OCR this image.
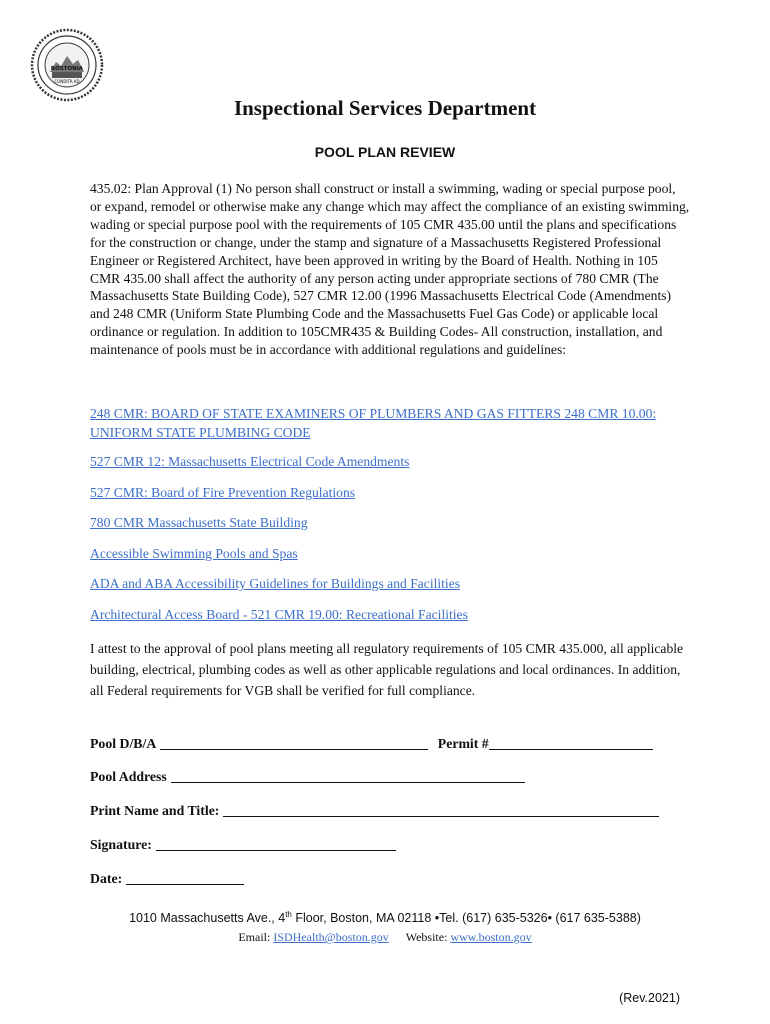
BOSTONIA
CONDITA AD
Inspectional Services Department
POOL PLAN REVIEW

435.02: Plan Approval (1) No person shall construct or install a swimming, wading or special purpose pool, or expand, remodel or otherwise make any change which may affect the compliance of an existing swimming, wading or special purpose pool with the requirements of 105 CMR 435.00 until the plans and specifications for the construction or change, under the stamp and signature of a Massachusetts Registered Professional Engineer or Registered Architect, have been approved in writing by the Board of Health. Nothing in 105 CMR 435.00 shall affect the authority of any person acting under appropriate sections of 780 CMR (The Massachusetts State Building Code), 527 CMR 12.00 (1996 Massachusetts Electrical Code (Amendments) and 248 CMR (Uniform State Plumbing Code and the Massachusetts Fuel Gas Code) or applicable local ordinance or regulation. In addition to 105CMR435 & Building Codes- All construction, installation, and maintenance of pools must be in accordance with additional regulations and guidelines:

248 CMR: BOARD OF STATE EXAMINERS OF PLUMBERS AND GAS FITTERS 248 CMR 10.00: UNIFORM STATE PLUMBING CODE
527 CMR 12: Massachusetts Electrical Code Amendments
527 CMR: Board of Fire Prevention Regulations
780 CMR Massachusetts State Building
Accessible Swimming Pools and Spas
ADA and ABA Accessibility Guidelines for Buildings and Facilities
Architectural Access Board - 521 CMR 19.00: Recreational Facilities

I attest to the approval of pool plans meeting all regulatory requirements of 105 CMR 435.000, all applicable building, electrical, plumbing codes as well as other applicable regulations and local ordinances. In addition, all Federal requirements for VGB shall be verified for full compliance.

Pool D/B/A	Permit #
Pool Address
Print Name and Title:
Signature:
Date:
1010 Massachusetts Ave., 4th Floor, Boston, MA 02118 •Tel. (617) 635-5326• (617 635-5388)
Email: ISDHealth@boston.gov Website: www.boston.gov
(Rev.2021)
